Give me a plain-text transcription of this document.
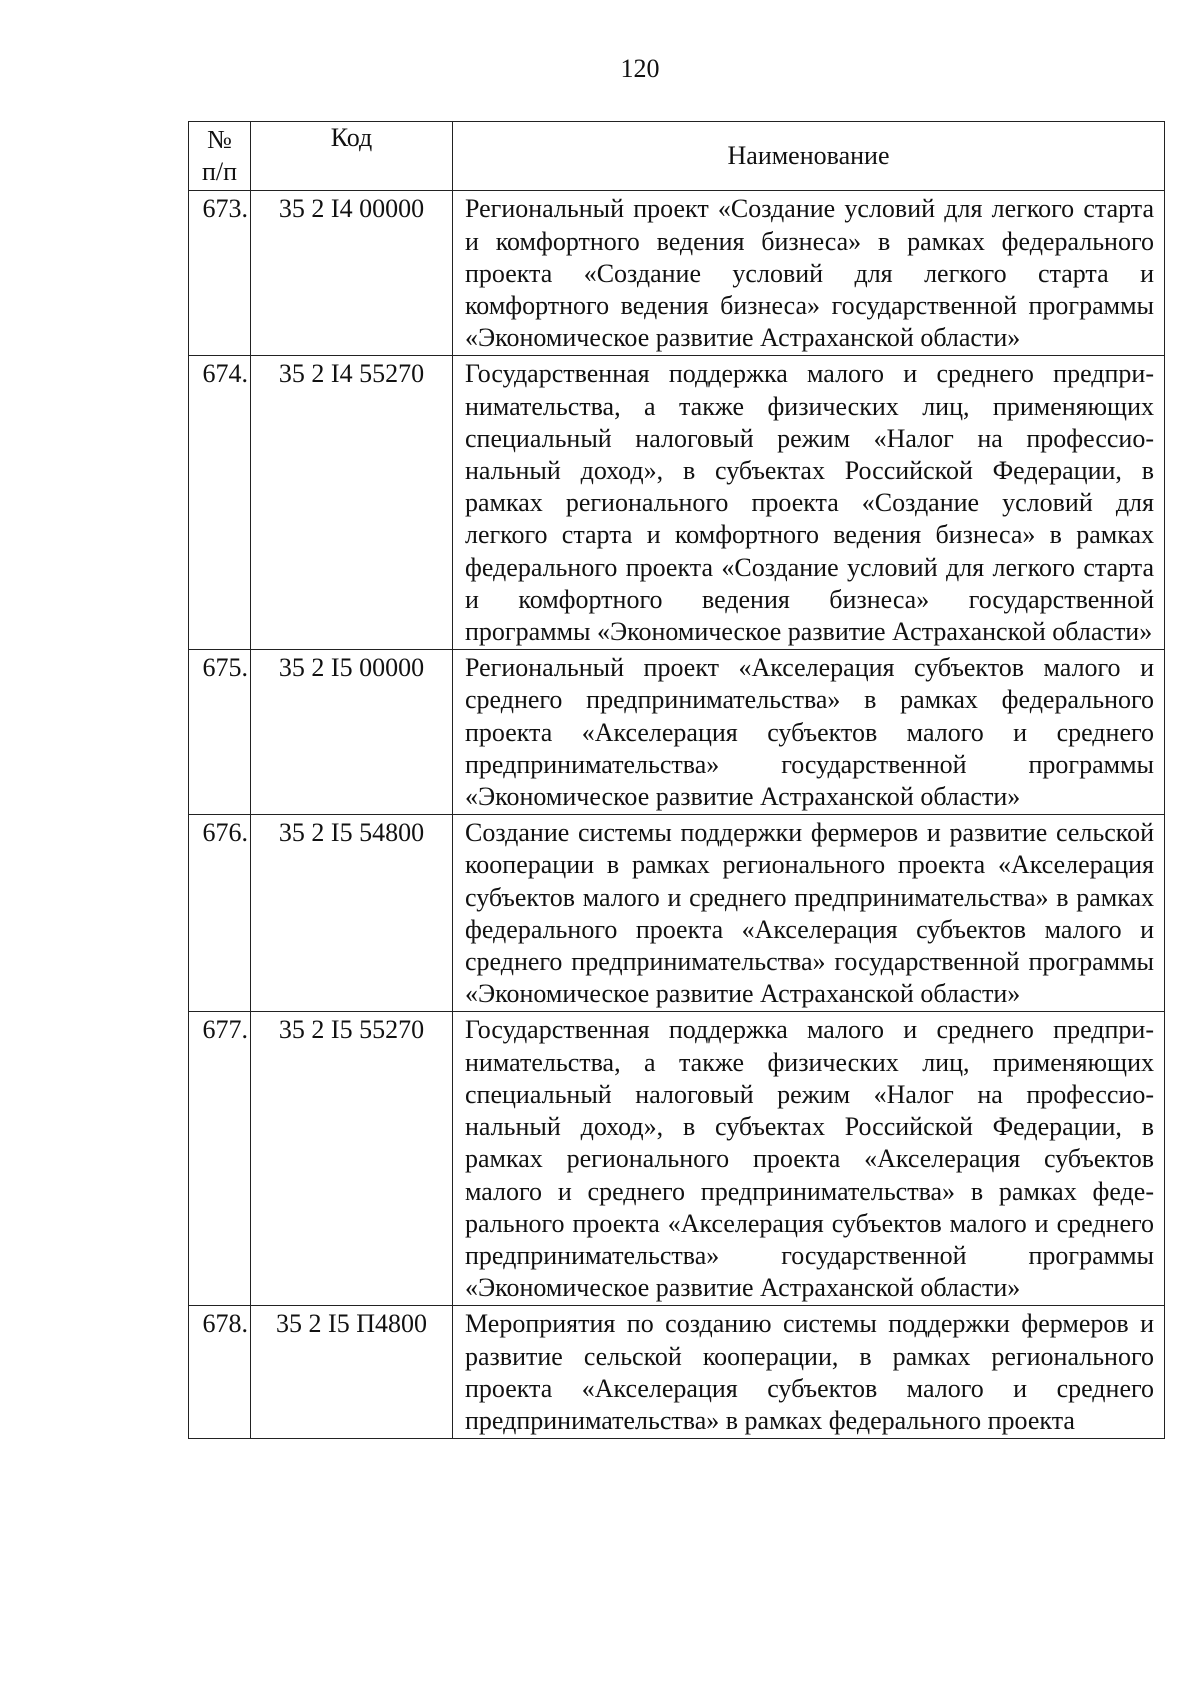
120
№
п/п	Код	Наименование
673.	35 2 I4 00000	Региональный проект «Создание условий для легкого старта и комфортного ведения бизнеса» в рамках федерального проекта «Создание условий для легкого старта и комфортного ведения бизнеса» государственной программы «Экономическое развитие Астраханской области»
674.	35 2 I4 55270	Государственная поддержка малого и среднего предпринимательства, а также физических лиц, применяющих специальный налоговый режим «Налог на профессиональный доход», в субъектах Российской Федерации, в рамках регионального проекта «Создание условий для легкого старта и комфортного ведения бизнеса» в рамках федерального проекта «Создание условий для легкого старта и комфортного ведения бизнеса» государственной программы «Экономическое развитие Астраханской области»
675.	35 2 I5 00000	Региональный проект «Акселерация субъектов малого и среднего предпринимательства» в рамках федерального проекта «Акселерация субъектов малого и среднего предпринимательства» государственной программы «Экономическое развитие Астраханской области»
676.	35 2 I5 54800	Создание системы поддержки фермеров и развитие сельской кооперации в рамках регионального проекта «Акселерация субъектов малого и среднего предпринимательства» в рамках федерального проекта «Акселерация субъектов малого и среднего предпринимательства» государственной программы «Экономическое развитие Астраханской области»
677.	35 2 I5 55270	Государственная поддержка малого и среднего предпринимательства, а также физических лиц, применяющих специальный налоговый режим «Налог на профессиональный доход», в субъектах Российской Федерации, в рамках регионального проекта «Акселерация субъектов малого и среднего предпринимательства» в рамках федерального проекта «Акселерация субъектов малого и среднего предпринимательства» государственной программы «Экономическое развитие Астраханской области»
678.	35 2 I5 П4800	Мероприятия по созданию системы поддержки фермеров и развитие сельской кооперации, в рамках регионального проекта «Акселерация субъектов малого и среднего предпринимательства» в рамках федерального проекта
